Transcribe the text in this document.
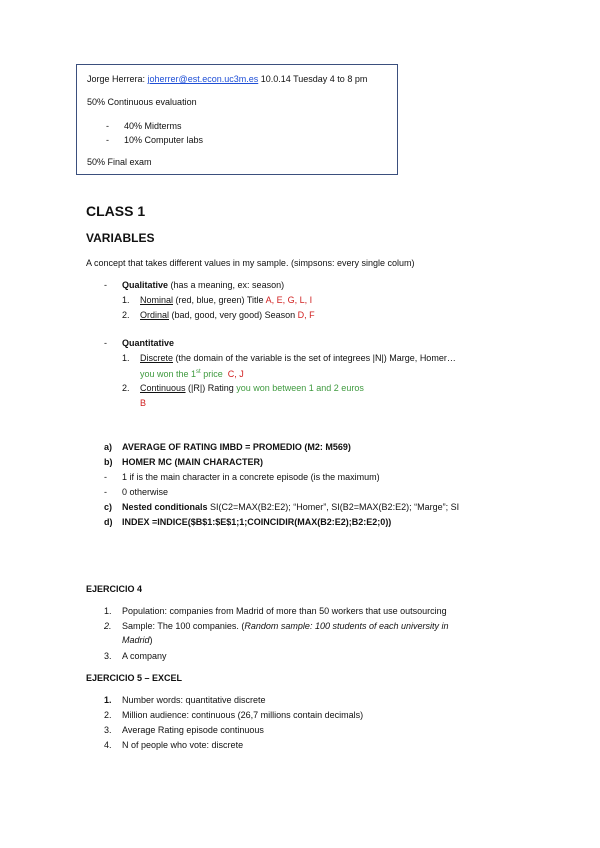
Jorge Herrera: joherrer@est.econ.uc3m.es 10.0.14 Tuesday 4 to 8 pm
50% Continuous evaluation
- 40% Midterms
- 10% Computer labs
50% Final exam
CLASS 1
VARIABLES
A concept that takes different values in my sample. (simpsons: every single colum)
- Qualitative (has a meaning, ex: season)
1. Nominal (red, blue, green) Title A, E, G, L, I
2. Ordinal (bad, good, very good) Season D, F
- Quantitative
1. Discrete (the domain of the variable is the set of integrees |N|) Marge, Homer…
you won the 1st price C, J
2. Continuous (|R|) Rating you won between 1 and 2 euros
B
a) AVERAGE OF RATING IMBD = PROMEDIO (M2: M569)
b) HOMER MC (MAIN CHARACTER)
- 1 if is the main character in a concrete episode (is the maximum)
- 0 otherwise
c) Nested conditionals SI(C2=MAX(B2:E2); “Homer”, SI(B2=MAX(B2:E2); “Marge”; SI
d) INDEX =INDICE($B$1:$E$1;1;COINCIDIR(MAX(B2:E2);B2:E2;0))
EJERCICIO 4
1. Population: companies from Madrid of more than 50 workers that use outsourcing
2. Sample: The 100 companies. (Random sample: 100 students of each university in
Madrid)
3. A company
EJERCICIO 5 – EXCEL
1. Number words: quantitative discrete
2. Million audience: continuous (26,7 millions contain decimals)
3. Average Rating episode continuous
4. N of people who vote: discrete
